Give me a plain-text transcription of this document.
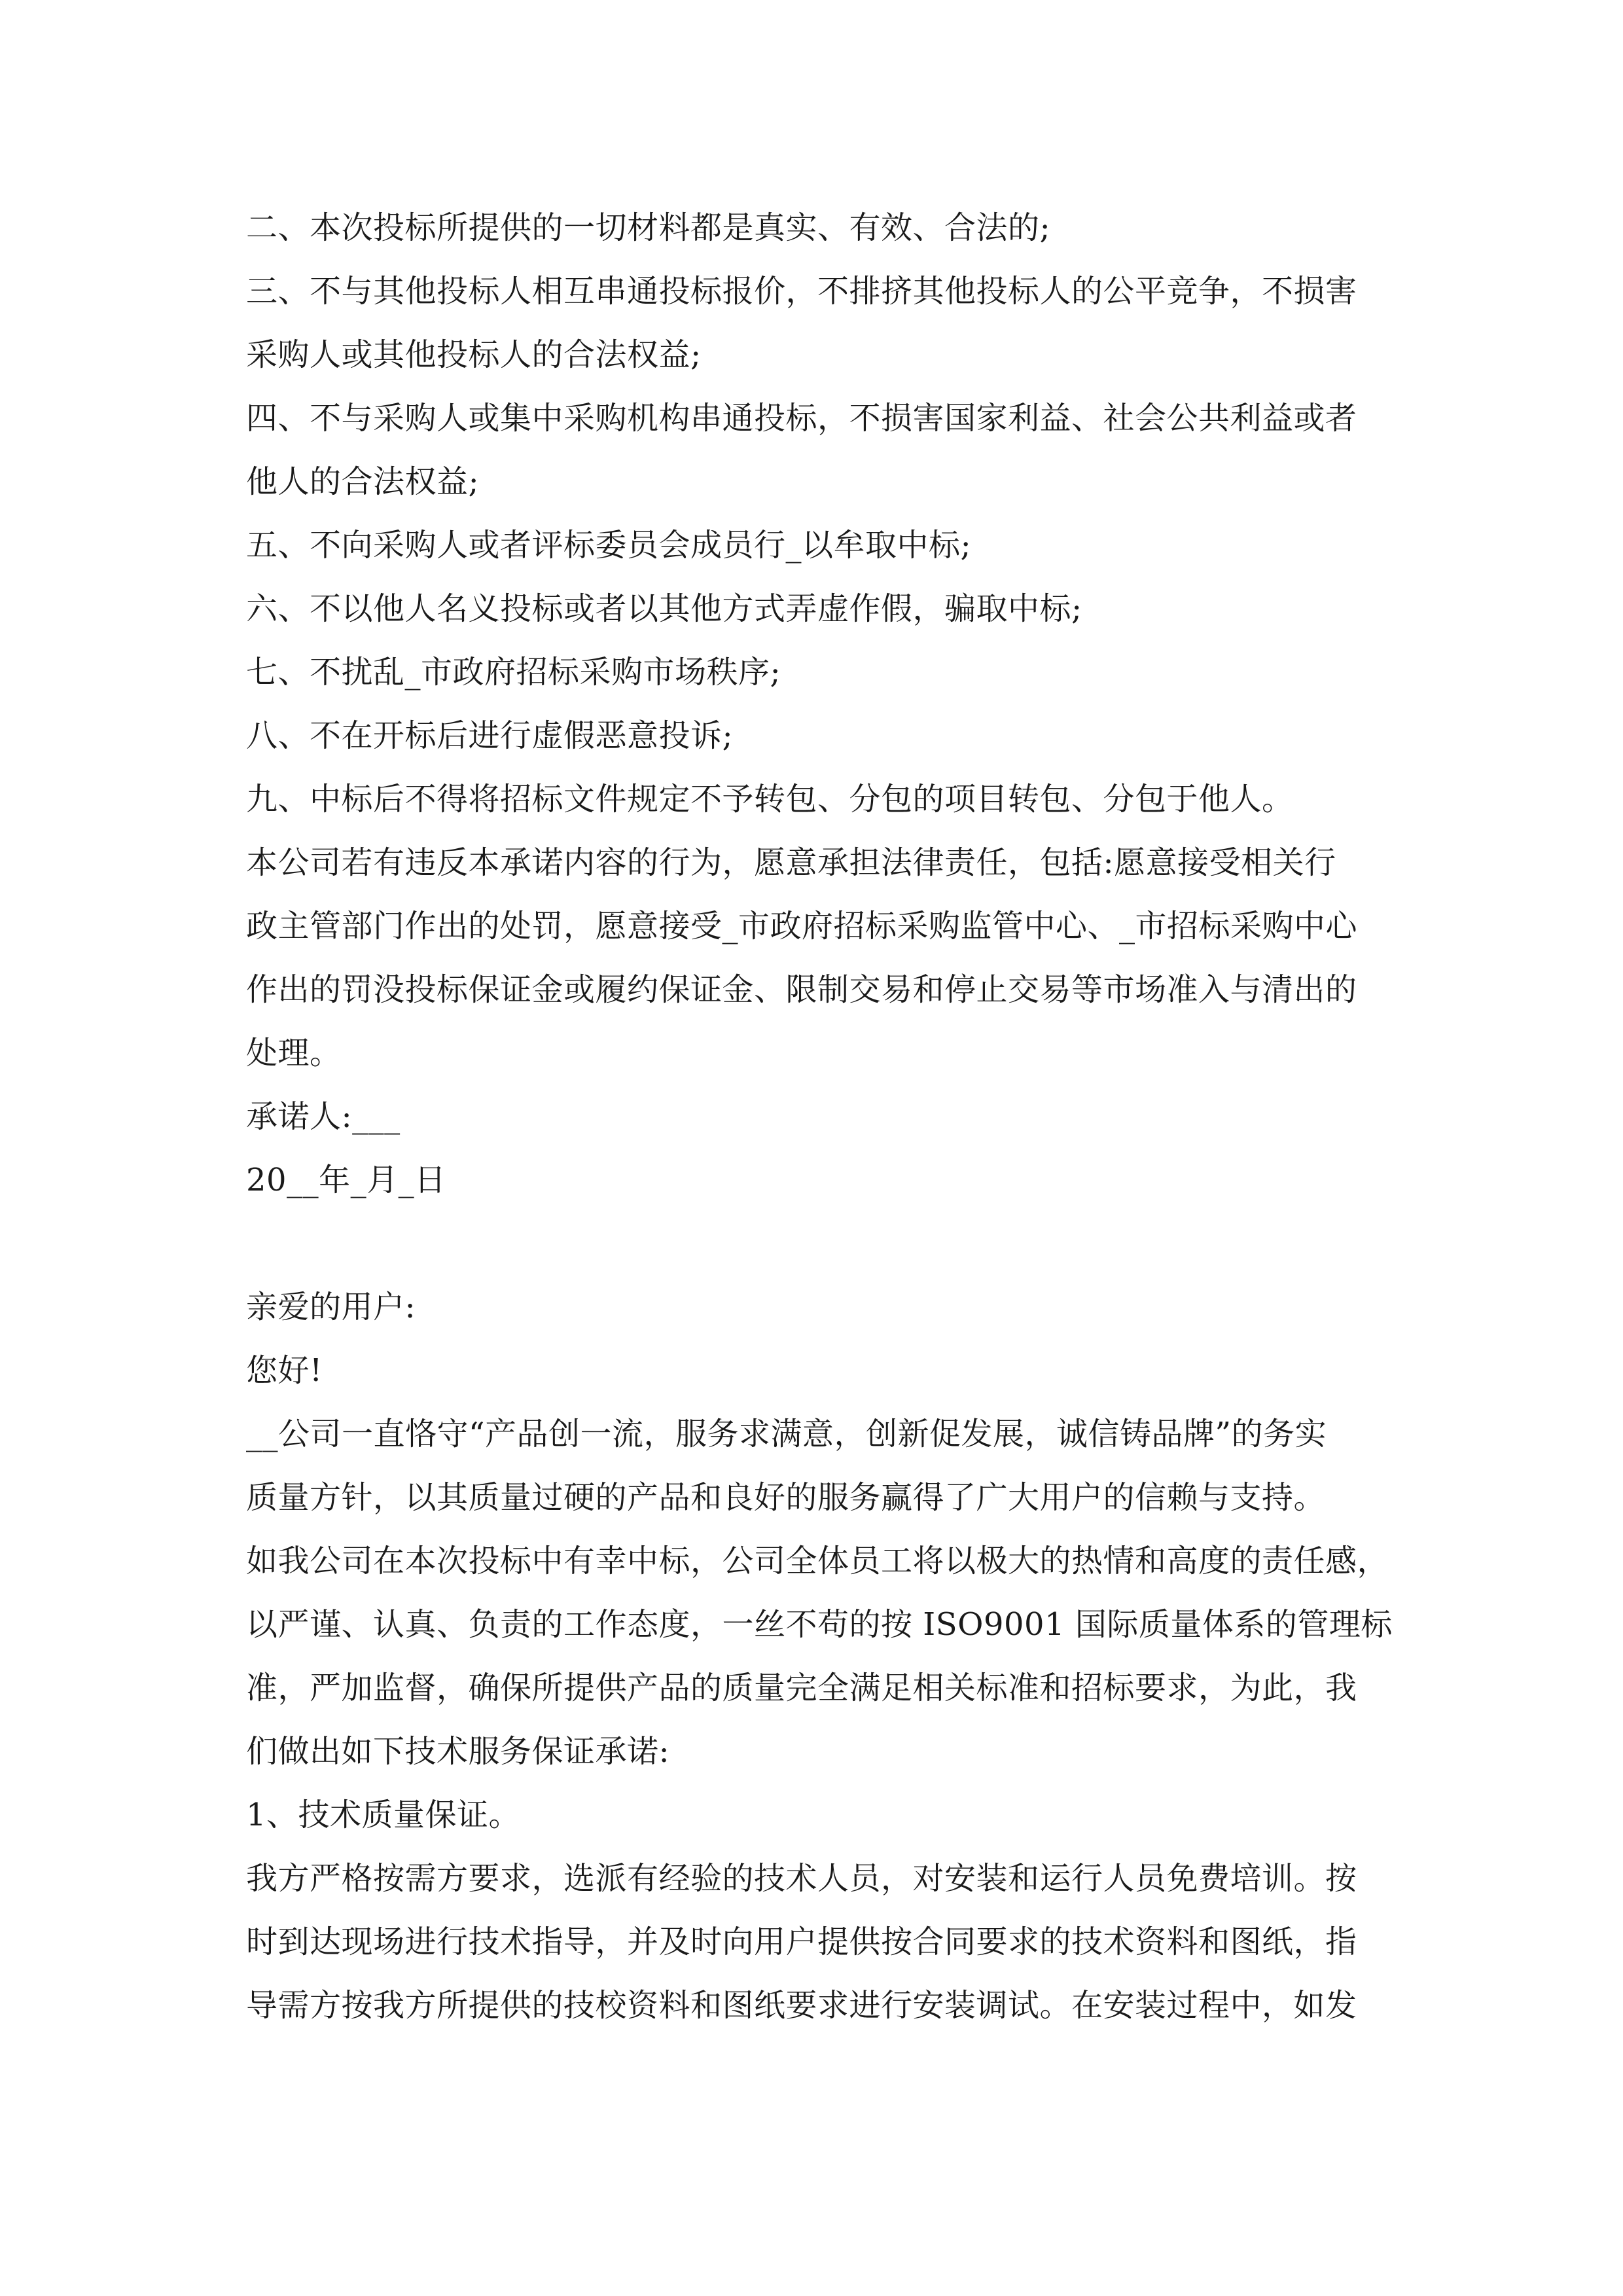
二、本次投标所提供的一切材料都是真实、有效、合法的;
三、不与其他投标人相互串通投标报价，不排挤其他投标人的公平竞争，不损害
采购人或其他投标人的合法权益;
四、不与采购人或集中采购机构串通投标，不损害国家利益、社会公共利益或者
他人的合法权益;
五、不向采购人或者评标委员会成员行_以牟取中标;
六、不以他人名义投标或者以其他方式弄虚作假，骗取中标;
七、不扰乱_市政府招标采购市场秩序;
八、不在开标后进行虚假恶意投诉;
九、中标后不得将招标文件规定不予转包、分包的项目转包、分包于他人。
本公司若有违反本承诺内容的行为，愿意承担法律责任，包括:愿意接受相关行
政主管部门作出的处罚，愿意接受_市政府招标采购监管中心、_市招标采购中心
作出的罚没投标保证金或履约保证金、限制交易和停止交易等市场准入与清出的
处理。
承诺人:___
20__年_月_日
亲爱的用户:
您好!
__公司一直恪守“产品创一流，服务求满意，创新促发展，诚信铸品牌”的务实
质量方针，以其质量过硬的产品和良好的服务赢得了广大用户的信赖与支持。
如我公司在本次投标中有幸中标，公司全体员工将以极大的热情和高度的责任感，
以严谨、认真、负责的工作态度，一丝不苟的按 ISO9001 国际质量体系的管理标
准，严加监督，确保所提供产品的质量完全满足相关标准和招标要求，为此，我
们做出如下技术服务保证承诺:
1、技术质量保证。
我方严格按需方要求，选派有经验的技术人员，对安装和运行人员免费培训。按
时到达现场进行技术指导，并及时向用户提供按合同要求的技术资料和图纸，指
导需方按我方所提供的技校资料和图纸要求进行安装调试。在安装过程中，如发
